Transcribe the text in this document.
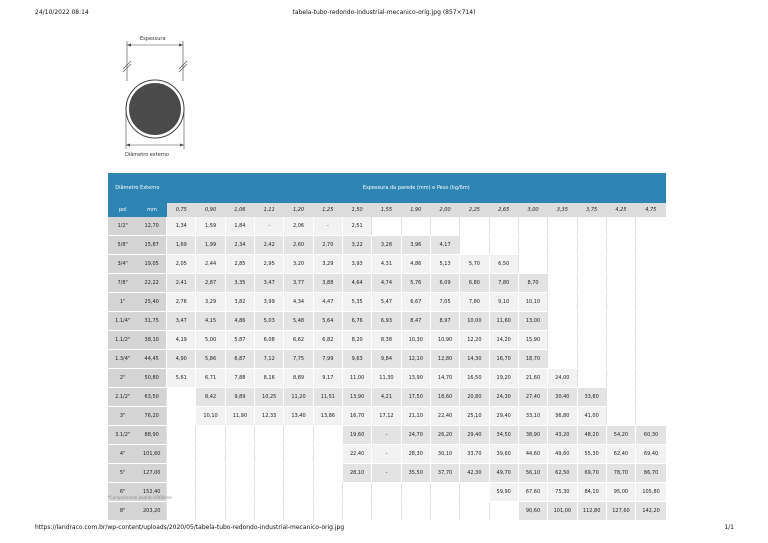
24/10/2022 08:14	tabela-tubo-redondo-industrial-mecanico-orig.jpg (857×714)
Espessura
Diâmetro externo
Diâmetro Externo		Espessura da parede (mm) e Peso (kg/6m)																
pol	mm	0,75	0,90	1,06	1,11	1,20	1,25	1,50	1,55	1,90	2,00	2,25	2,65	3,00	3,35	3,75	4,25	4,75
1/2"	12,70	1,34	1,59	1,84	-	2,06	-	2,51										
5/8"	15,87	1,69	1,99	2,34	2,42	2,60	2,70	3,22	3,28	3,96	4,17							
3/4"	19,05	2,05	2,44	2,85	2,95	3,20	3,29	3,93	4,31	4,86	5,13	5,70	6,50					
7/8"	22,22	2,41	2,87	3,35	3,47	3,77	3,88	4,64	4,74	5,76	6,09	6,80	7,80	8,70				
1"	25,40	2,76	3,29	3,82	3,99	4,34	4,47	5,35	5,47	6,67	7,05	7,80	9,10	10,10				
1.1/4"	31,75	3,47	4,15	4,86	5,03	5,48	5,64	6,76	6,93	8,47	8,97	10,00	11,60	13,00				
1.1/2"	38,10	4,19	5,00	5,87	6,08	6,62	6,82	8,20	8,38	10,30	10,90	12,20	14,20	15,90				
1.3/4"	44,45	4,90	5,86	6,87	7,12	7,75	7,99	9,63	9,84	12,10	12,80	14,30	16,70	18,70				
2"	50,80	5,61	6,71	7,88	8,16	8,89	9,17	11,00	11,30	13,90	14,70	16,50	19,20	21,60	24,00			
2.1/2"	63,50		8,42	9,89	10,25	11,20	11,51	13,90	4,21	17,50	18,60	20,80	24,30	27,40	30,40	33,80		
3"	76,20		10,10	11,90	12,33	13,40	13,86	16,70	17,12	21,10	22,40	25,10	29,40	33,10	36,80	41,00		
3.1/2"	88,90							19,60	-	24,70	26,20	29,40	34,50	38,90	43,20	48,20	54,20	60,30
4"	101,60							22,40	-	28,30	30,10	33,70	39,60	44,60	49,60	55,30	62,40	69,40
5"	127,00							28,10	-	35,50	37,70	42,30	49,70	56,10	62,50	69,70	78,70	86,70
6"	152,40												59,90	67,60	75,30	84,10	95,00	105,80
8"	203,20													90,60	101,00	112,80	127,60	142,20
*Comprimento padrão 6000mm
https://landraco.com.br/wp-content/uploads/2020/05/tabela-tubo-redondo-industrial-mecanico-orig.jpg	1/1
